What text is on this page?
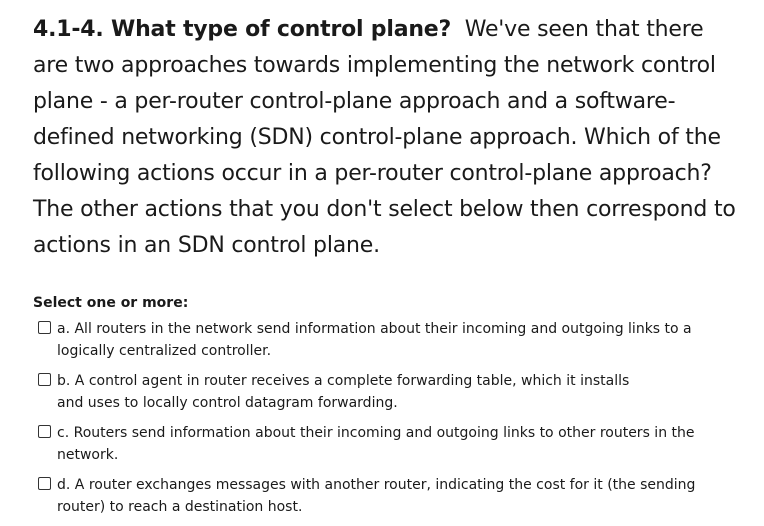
4.1-4. What type of control plane? We've seen that there are two approaches towards implementing the network control plane - a per-router control-plane approach and a software-defined networking (SDN) control-plane approach. Which of the following actions occur in a per-router control-plane approach? The other actions that you don't select below then correspond to actions in an SDN control plane.
Select one or more:
a. All routers in the network send information about their incoming and outgoing links to a logically centralized controller.
b. A control agent in router receives a complete forwarding table, which it installs and uses to locally control datagram forwarding.
c. Routers send information about their incoming and outgoing links to other routers in the network.
d. A router exchanges messages with another router, indicating the cost for it (the sending router) to reach a destination host.
